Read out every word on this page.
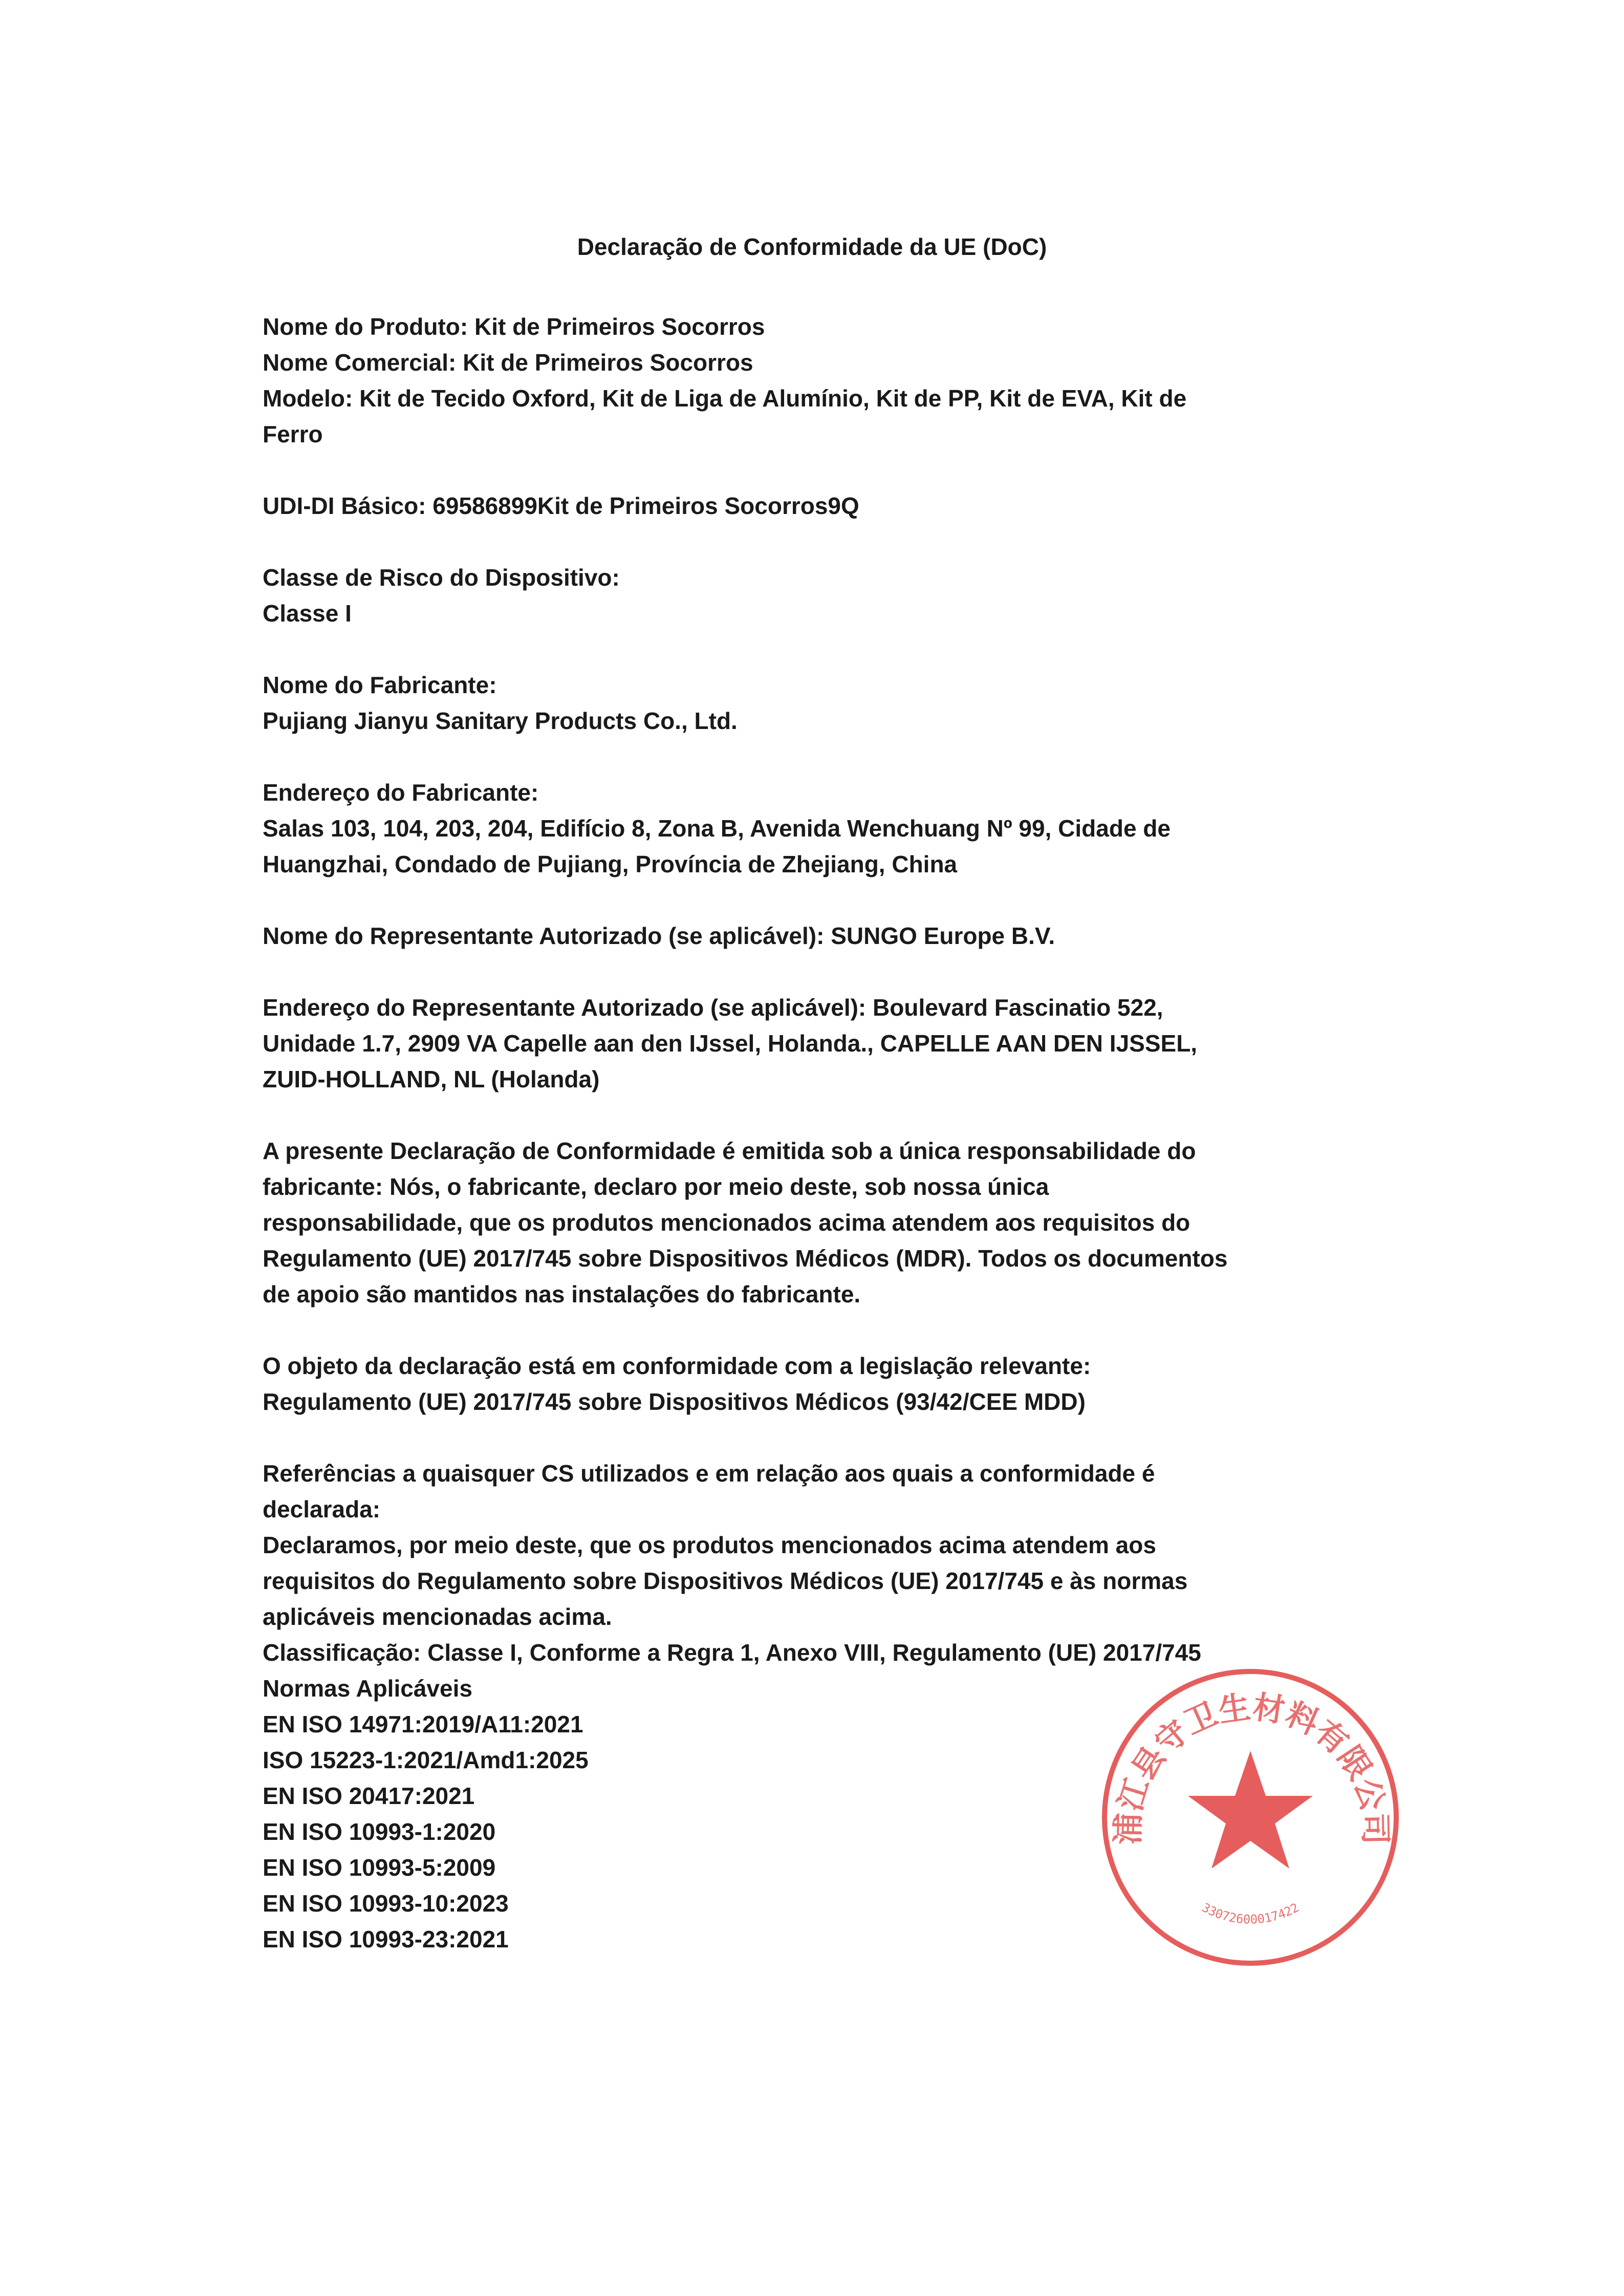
Declaração de Conformidade da UE (DoC)
Nome do Produto: Kit de Primeiros Socorros
Nome Comercial: Kit de Primeiros Socorros
Modelo: Kit de Tecido Oxford, Kit de Liga de Alumínio, Kit de PP, Kit de EVA, Kit de
Ferro
UDI-DI Básico: 69586899Kit de Primeiros Socorros9Q
Classe de Risco do Dispositivo:
Classe I
Nome do Fabricante:
Pujiang Jianyu Sanitary Products Co., Ltd.
Endereço do Fabricante:
Salas 103, 104, 203, 204, Edifício 8, Zona B, Avenida Wenchuang Nº 99, Cidade de
Huangzhai, Condado de Pujiang, Província de Zhejiang, China
Nome do Representante Autorizado (se aplicável): SUNGO Europe B.V.
Endereço do Representante Autorizado (se aplicável): Boulevard Fascinatio 522,
Unidade 1.7, 2909 VA Capelle aan den IJssel, Holanda., CAPELLE AAN DEN IJSSEL,
ZUID-HOLLAND, NL (Holanda)
A presente Declaração de Conformidade é emitida sob a única responsabilidade do
fabricante: Nós, o fabricante, declaro por meio deste, sob nossa única
responsabilidade, que os produtos mencionados acima atendem aos requisitos do
Regulamento (UE) 2017/745 sobre Dispositivos Médicos (MDR). Todos os documentos
de apoio são mantidos nas instalações do fabricante.
O objeto da declaração está em conformidade com a legislação relevante:
Regulamento (UE) 2017/745 sobre Dispositivos Médicos (93/42/CEE MDD)
Referências a quaisquer CS utilizados e em relação aos quais a conformidade é
declarada:
Declaramos, por meio deste, que os produtos mencionados acima atendem aos
requisitos do Regulamento sobre Dispositivos Médicos (UE) 2017/745 e às normas
aplicáveis mencionadas acima.
Classificação: Classe I, Conforme a Regra 1, Anexo VIII, Regulamento (UE) 2017/745
Normas Aplicáveis
EN ISO 14971:2019/A11:2021
ISO 15223-1:2021/Amd1:2025
EN ISO 20417:2021
EN ISO 10993-1:2020
EN ISO 10993-5:2009
EN ISO 10993-10:2023
EN ISO 10993-23:2021
浦江县守卫生材料有限公司
33072600017422
